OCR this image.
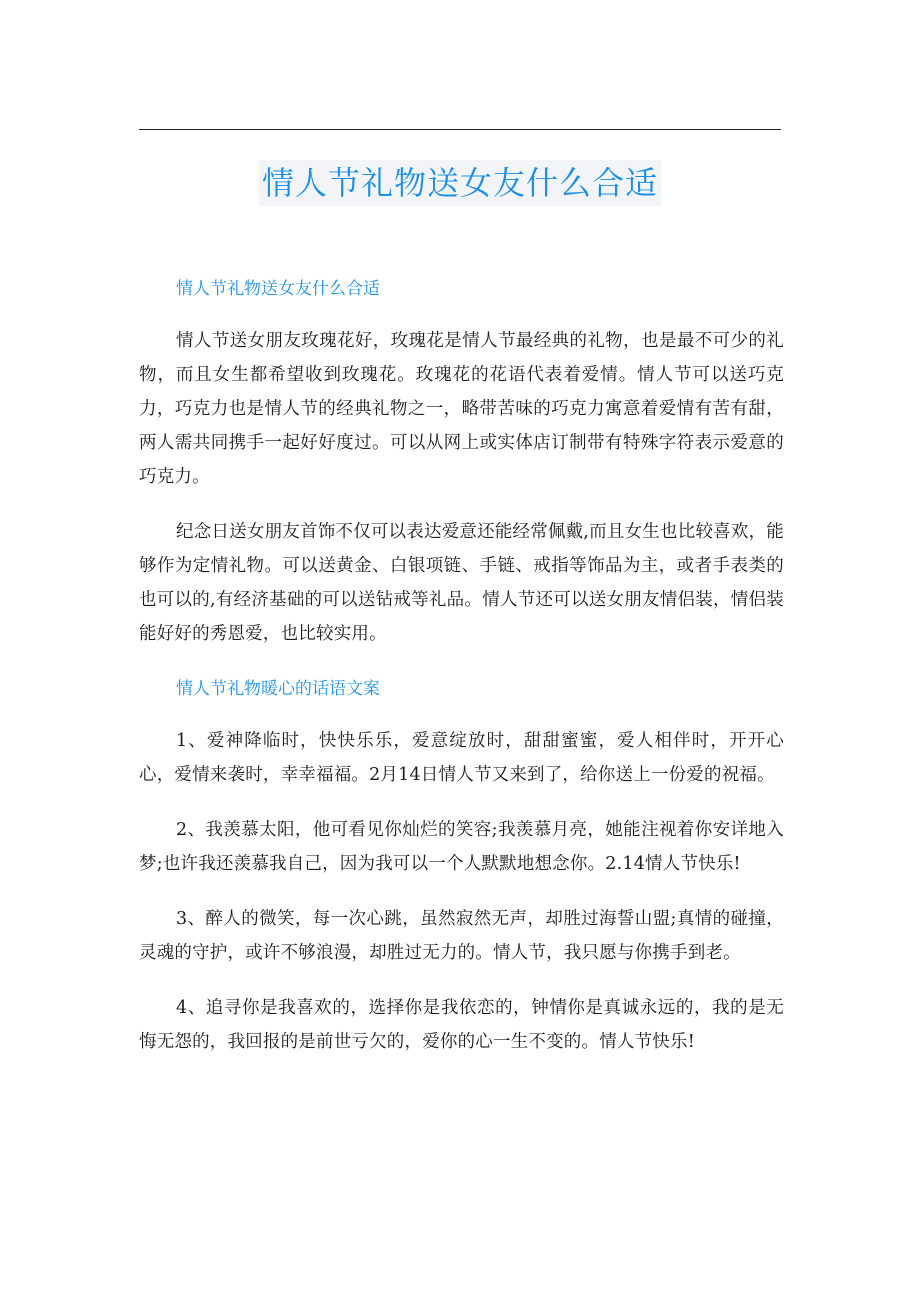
情人节礼物送女友什么合适

情人节礼物送女友什么合适

情人节送女朋友玫瑰花好，玫瑰花是情人节最经典的礼物，也是最不可少的礼物，而且女生都希望收到玫瑰花。玫瑰花的花语代表着爱情。情人节可以送巧克力，巧克力也是情人节的经典礼物之一，略带苦味的巧克力寓意着爱情有苦有甜，两人需共同携手一起好好度过。可以从网上或实体店订制带有特殊字符表示爱意的巧克力。

纪念日送女朋友首饰不仅可以表达爱意还能经常佩戴,而且女生也比较喜欢，能够作为定情礼物。可以送黄金、白银项链、手链、戒指等饰品为主，或者手表类的也可以的,有经济基础的可以送钻戒等礼品。情人节还可以送女朋友情侣装，情侣装能好好的秀恩爱，也比较实用。

情人节礼物暖心的话语文案

1、爱神降临时，快快乐乐，爱意绽放时，甜甜蜜蜜，爱人相伴时，开开心心，爱情来袭时，幸幸福福。2月14日情人节又来到了，给你送上一份爱的祝福。

2、我羡慕太阳，他可看见你灿烂的笑容;我羡慕月亮，她能注视着你安详地入梦;也许我还羡慕我自己，因为我可以一个人默默地想念你。2.14情人节快乐!

3、醉人的微笑，每一次心跳，虽然寂然无声，却胜过海誓山盟;真情的碰撞，灵魂的守护，或许不够浪漫，却胜过无力的。情人节，我只愿与你携手到老。

4、追寻你是我喜欢的，选择你是我依恋的，钟情你是真诚永远的，我的是无悔无怨的，我回报的是前世亏欠的，爱你的心一生不变的。情人节快乐!
